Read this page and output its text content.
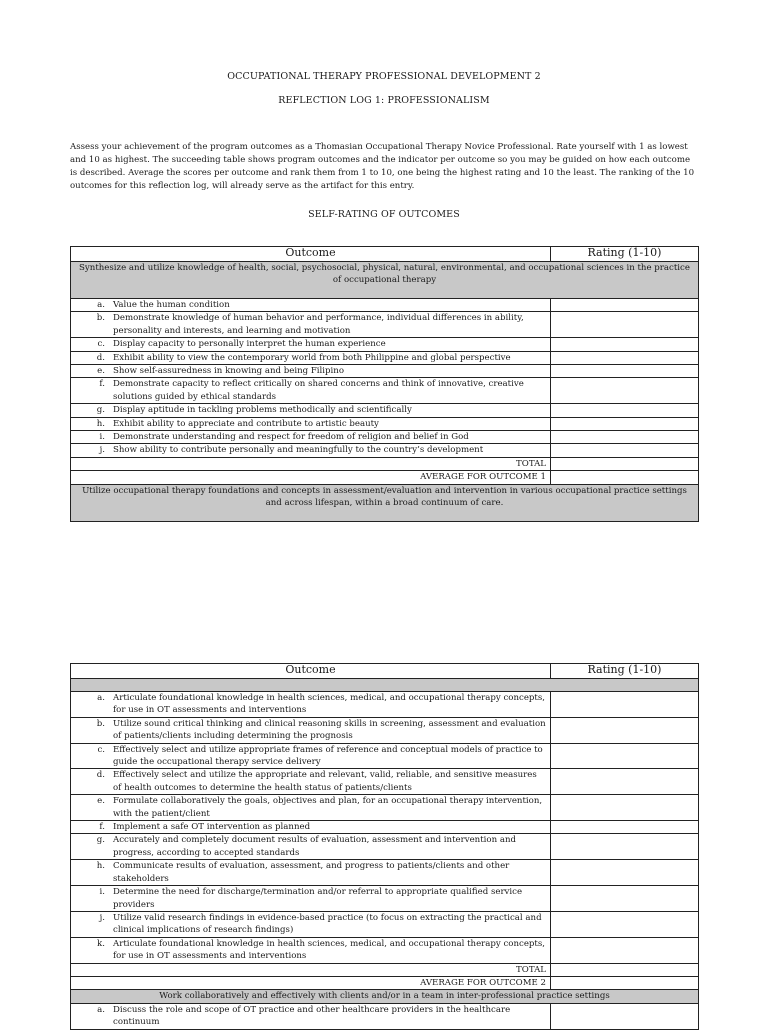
OCCUPATIONAL THERAPY PROFESSIONAL DEVELOPMENT 2
REFLECTION LOG 1: PROFESSIONALISM

Assess your achievement of the program outcomes as a Thomasian Occupational Therapy Novice Professional. Rate yourself with 1 as lowest and 10 as highest. The succeeding table shows program outcomes and the indicator per outcome so you may be guided on how each outcome is described. Average the scores per outcome and rank them from 1 to 10, one being the highest rating and 10 the least. The ranking of the 10 outcomes for this reflection log, will already serve as the artifact for this entry.

SELF-RATING OF OUTCOMES
Outcome	Rating (1-10)
Synthesize and utilize knowledge of health, social, psychosocial, physical, natural, environmental, and occupational sciences in the practice of occupational therapy	

a. Value the human condition	

b. Demonstrate knowledge of human behavior and performance, individual differences in ability, personality and interests, and learning and motivation	

c. Display capacity to personally interpret the human experience	

d. Exhibit ability to view the contemporary world from both Philippine and global perspective	

e. Show self-assuredness in knowing and being Filipino	

f. Demonstrate capacity to reflect critically on shared concerns and think of innovative, creative solutions guided by ethical standards	

g. Display aptitude in tackling problems methodically and scientifically	

h. Exhibit ability to appreciate and contribute to artistic beauty	

i. Demonstrate understanding and respect for freedom of religion and belief in God	

j. Show ability to contribute personally and meaningfully to the country’s development	

TOTAL	
AVERAGE FOR OUTCOME 1	
Utilize occupational therapy foundations and concepts in assessment/evaluation and intervention in various occupational practice settings and across lifespan, within a broad continuum of care.	
Outcome	Rating (1-10)

a. Articulate foundational knowledge in health sciences, medical, and occupational therapy concepts, for use in OT assessments and interventions	

b. Utilize sound critical thinking and clinical reasoning skills in screening, assessment and evaluation of patients/clients including determining the prognosis	

c. Effectively select and utilize appropriate frames of reference and conceptual models of practice to guide the occupational therapy service delivery	

d. Effectively select and utilize the appropriate and relevant, valid, reliable, and sensitive measures of health outcomes to determine the health status of patients/clients	

e. Formulate collaboratively the goals, objectives and plan, for an occupational therapy intervention, with the patient/client	

f. Implement a safe OT intervention as planned	

g. Accurately and completely document results of evaluation, assessment and intervention and progress, according to accepted standards	

h. Communicate results of evaluation, assessment, and progress to patients/clients and other stakeholders	

i. Determine the need for discharge/termination and/or referral to appropriate qualified service providers	

j. Utilize valid research findings in evidence-based practice (to focus on extracting the practical and clinical implications of research findings)	

k. Articulate foundational knowledge in health sciences, medical, and occupational therapy concepts, for use in OT assessments and interventions	

TOTAL	
AVERAGE FOR OUTCOME 2	
Work collaboratively and effectively with clients and/or in a team in inter-professional practice settings	

a. Discuss the role and scope of OT practice and other healthcare providers in the healthcare continuum	
